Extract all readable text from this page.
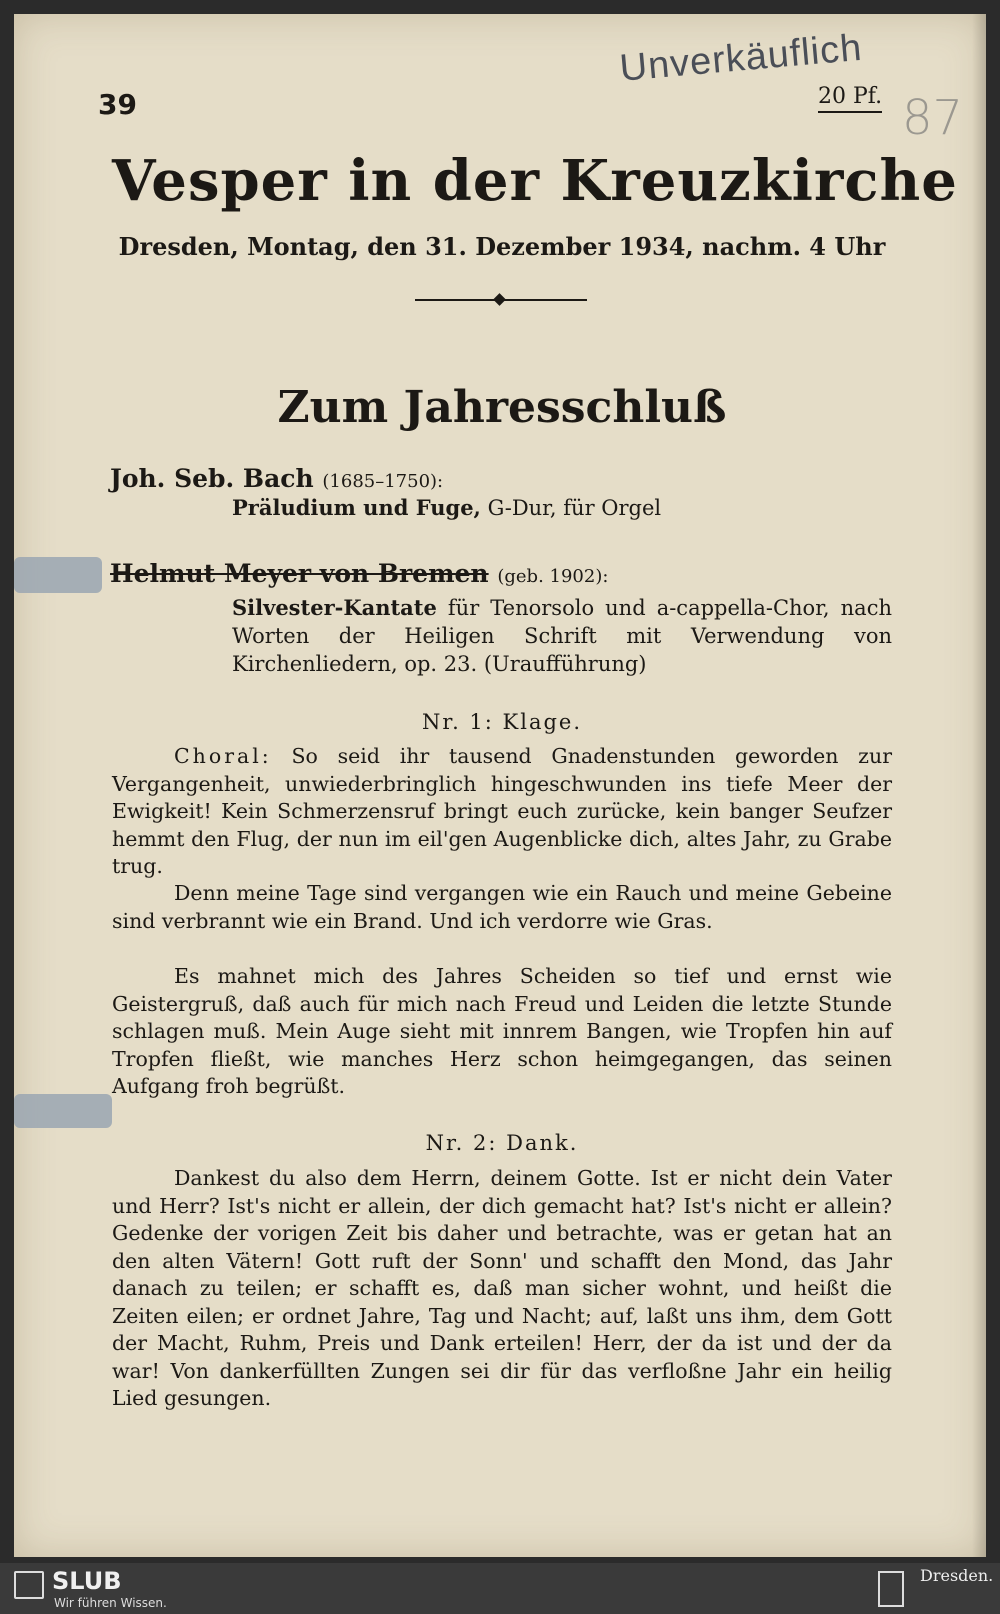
39
Unverkäuflich
20 Pf. 87
Vesper in der Kreuzkirche
Dresden, Montag, den 31. Dezember 1934, nachm. 4 Uhr
Zum Jahresschluß
Joh. Seb. Bach (1685–1750):
Präludium und Fuge, G-Dur, für Orgel
Helmut Meyer von Bremen (geb. 1902):
Silvester-Kantate für Tenorsolo und a-cappella-Chor, nach Worten der Heiligen Schrift mit Verwendung von Kirchenliedern, op. 23. (Uraufführung)
Nr. 1: Klage.

Choral: So seid ihr tausend Gnadenstunden geworden zur Vergangenheit, unwiederbringlich hingeschwunden ins tiefe Meer der Ewigkeit! Kein Schmerzensruf bringt euch zurücke, kein banger Seufzer hemmt den Flug, der nun im eil'gen Augenblicke dich, altes Jahr, zu Grabe trug.

Denn meine Tage sind vergangen wie ein Rauch und meine Gebeine sind verbrannt wie ein Brand. Und ich verdorre wie Gras.

Es mahnet mich des Jahres Scheiden so tief und ernst wie Geistergruß, daß auch für mich nach Freud und Leiden die letzte Stunde schlagen muß. Mein Auge sieht mit innrem Bangen, wie Tropfen hin auf Tropfen fließt, wie manches Herz schon heimgegangen, das seinen Aufgang froh begrüßt.

Nr. 2: Dank.

Dankest du also dem Herrn, deinem Gotte. Ist er nicht dein Vater und Herr? Ist's nicht er allein, der dich gemacht hat? Ist's nicht er allein? Gedenke der vorigen Zeit bis daher und betrachte, was er getan hat an den alten Vätern! Gott ruft der Sonn' und schafft den Mond, das Jahr danach zu teilen; er schafft es, daß man sicher wohnt, und heißt die Zeiten eilen; er ordnet Jahre, Tag und Nacht; auf, laßt uns ihm, dem Gott der Macht, Ruhm, Preis und Dank erteilen! Herr, der da ist und der da war! Von dankerfüllten Zungen sei dir für das verfloßne Jahr ein heilig Lied gesungen.

SLUB
Wir führen Wissen.
Dresden.
